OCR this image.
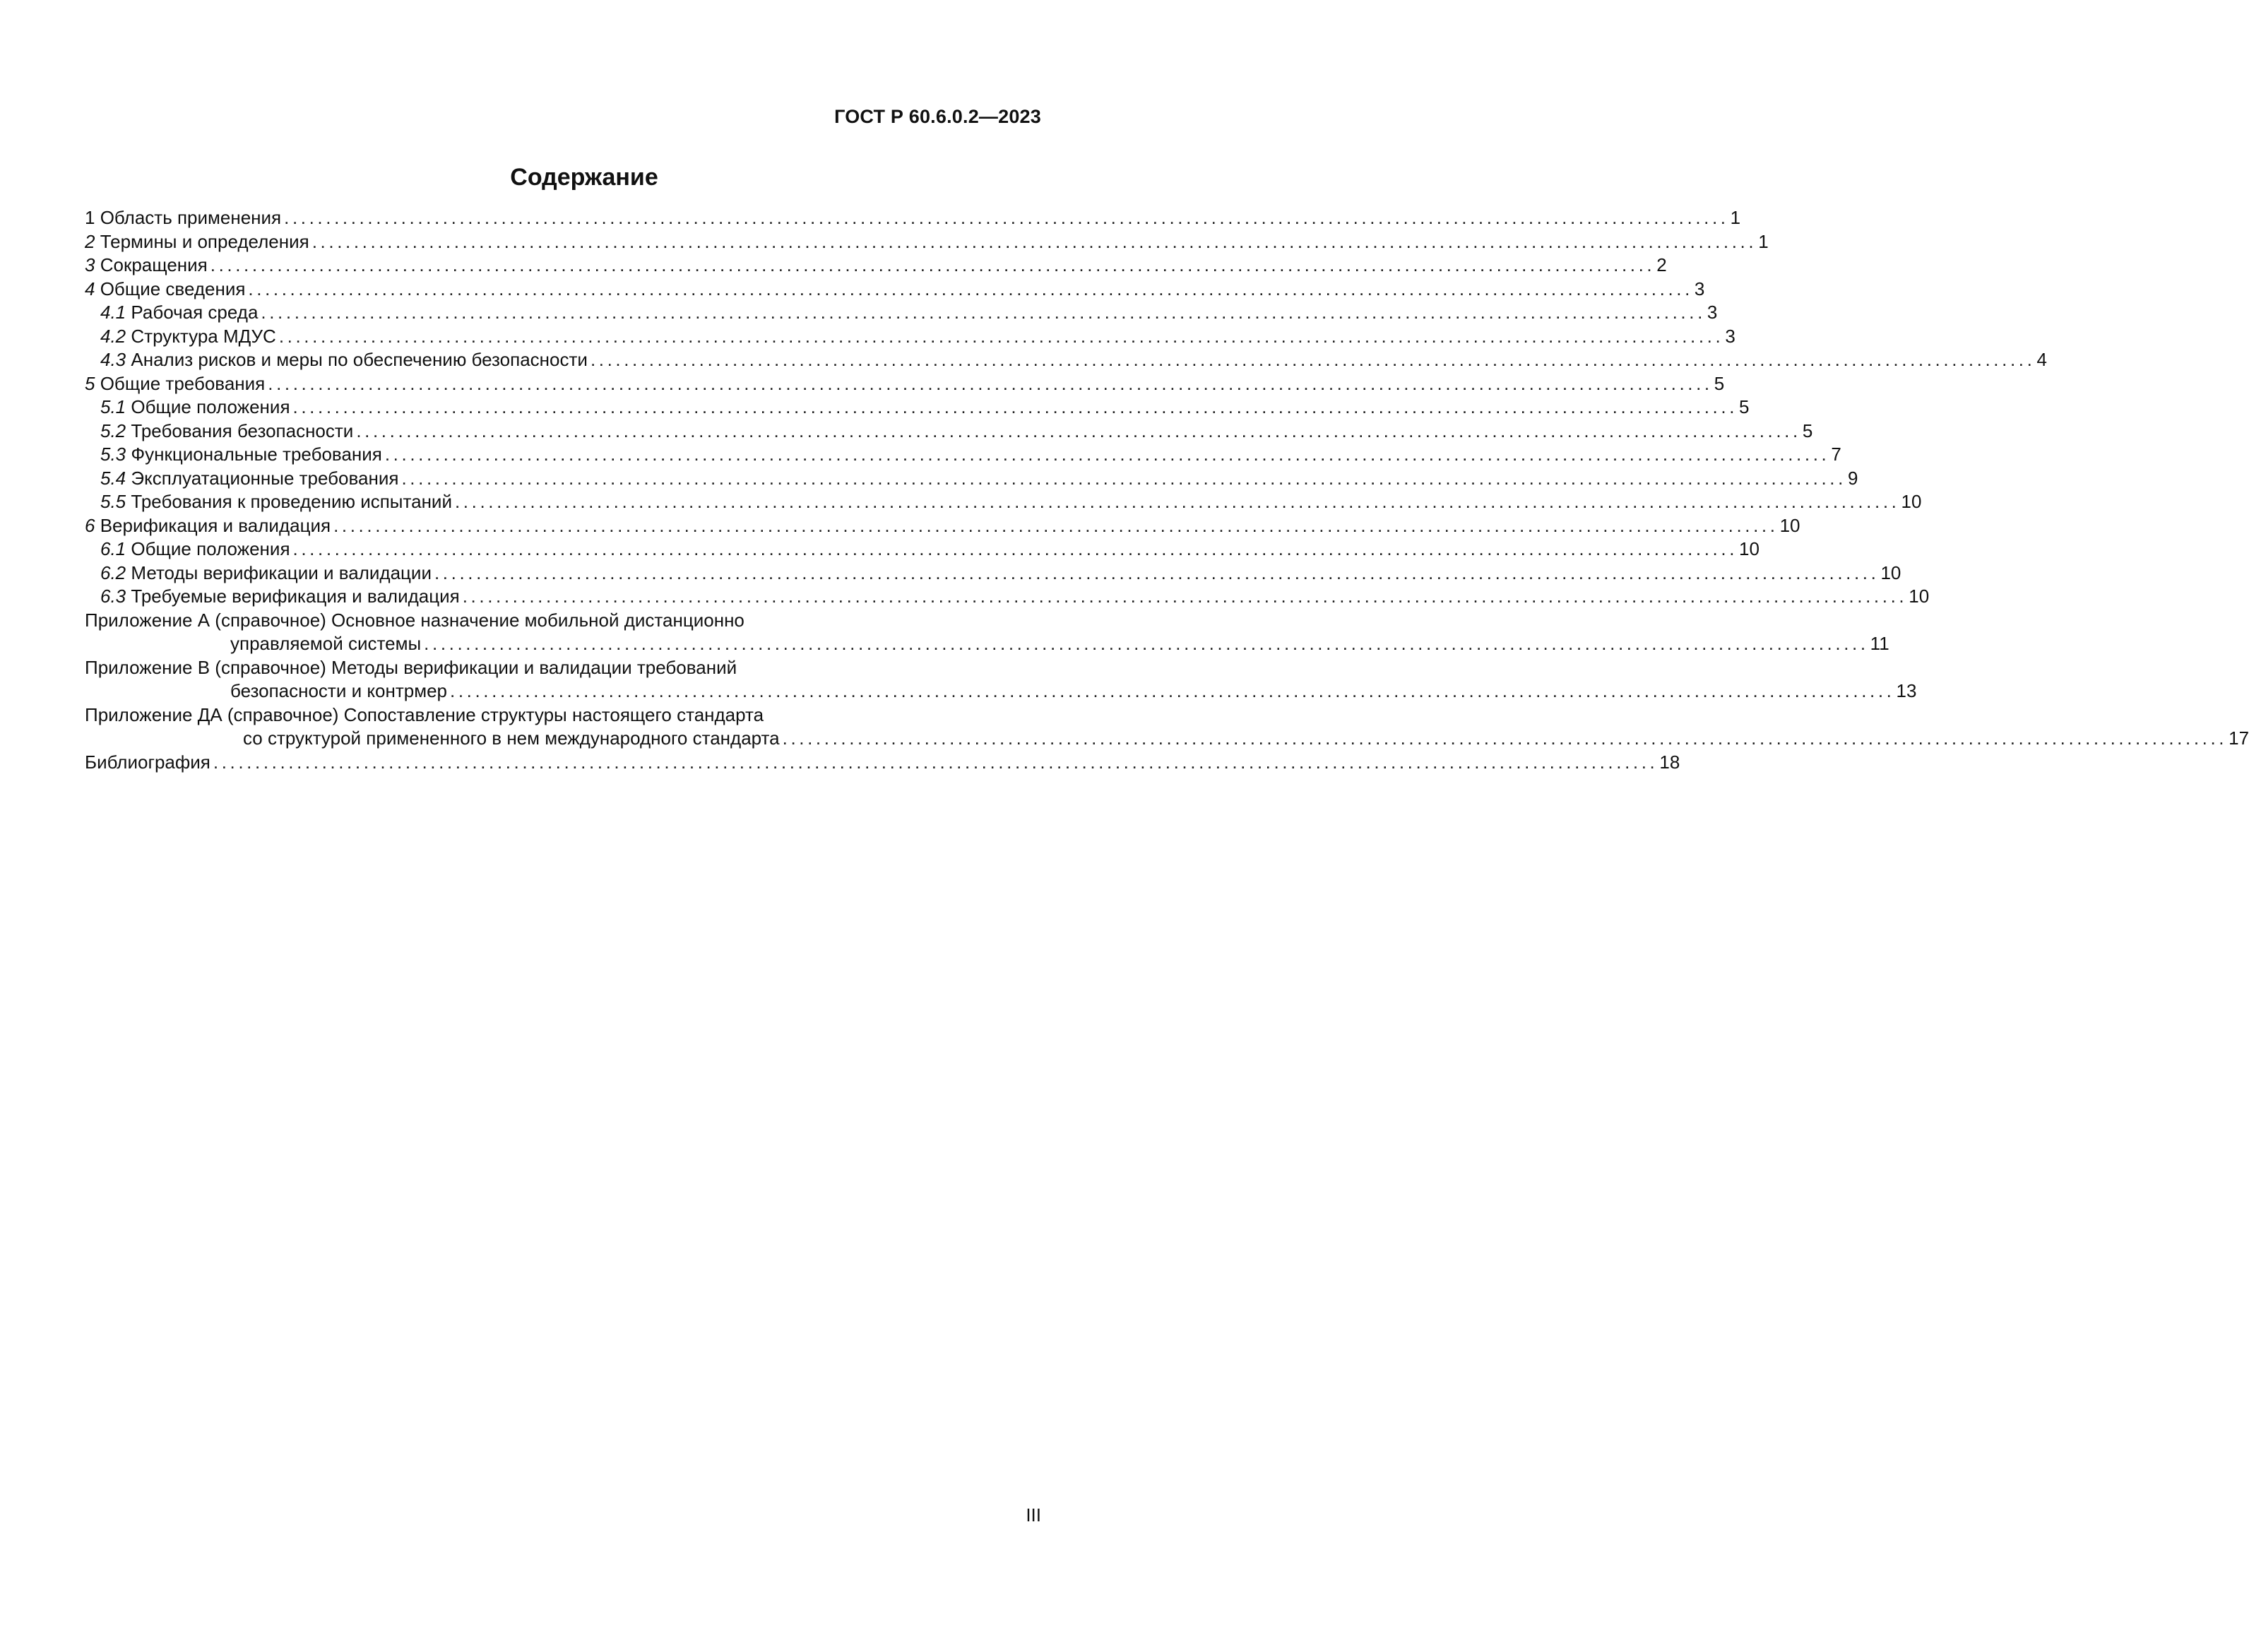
ГОСТ Р 60.6.0.2—2023
Содержание
1 Область применения ............................................................................................................................................................................. 1
2 Термины и определения ............................................................................................................................................................................. 1
3 Сокращения ............................................................................................................................................................................. 2
4 Общие сведения ............................................................................................................................................................................. 3
4.1 Рабочая среда ............................................................................................................................................................................. 3
4.2 Структура МДУС ............................................................................................................................................................................. 3
4.3 Анализ рисков и меры по обеспечению безопасности ............................................................................................................................................................................. 4
5 Общие требования ............................................................................................................................................................................. 5
5.1 Общие положения ............................................................................................................................................................................. 5
5.2 Требования безопасности ............................................................................................................................................................................. 5
5.3 Функциональные требования ............................................................................................................................................................................. 7
5.4 Эксплуатационные требования ............................................................................................................................................................................. 9
5.5 Требования к проведению испытаний ............................................................................................................................................................................. 10
6 Верификация и валидация ............................................................................................................................................................................. 10
6.1 Общие положения ............................................................................................................................................................................. 10
6.2 Методы верификации и валидации ............................................................................................................................................................................. 10
6.3 Требуемые верификация и валидация ............................................................................................................................................................................. 10
Приложение А (справочное) Основное назначение мобильной дистанционно
управляемой системы ............................................................................................................................................................................. 11
Приложение В (справочное) Методы верификации и валидации требований
безопасности и контрмер ............................................................................................................................................................................. 13
Приложение ДА (справочное) Сопоставление структуры настоящего стандарта
со структурой примененного в нем международного стандарта ............................................................................................................................................................................. 17
Библиография ............................................................................................................................................................................. 18
III
